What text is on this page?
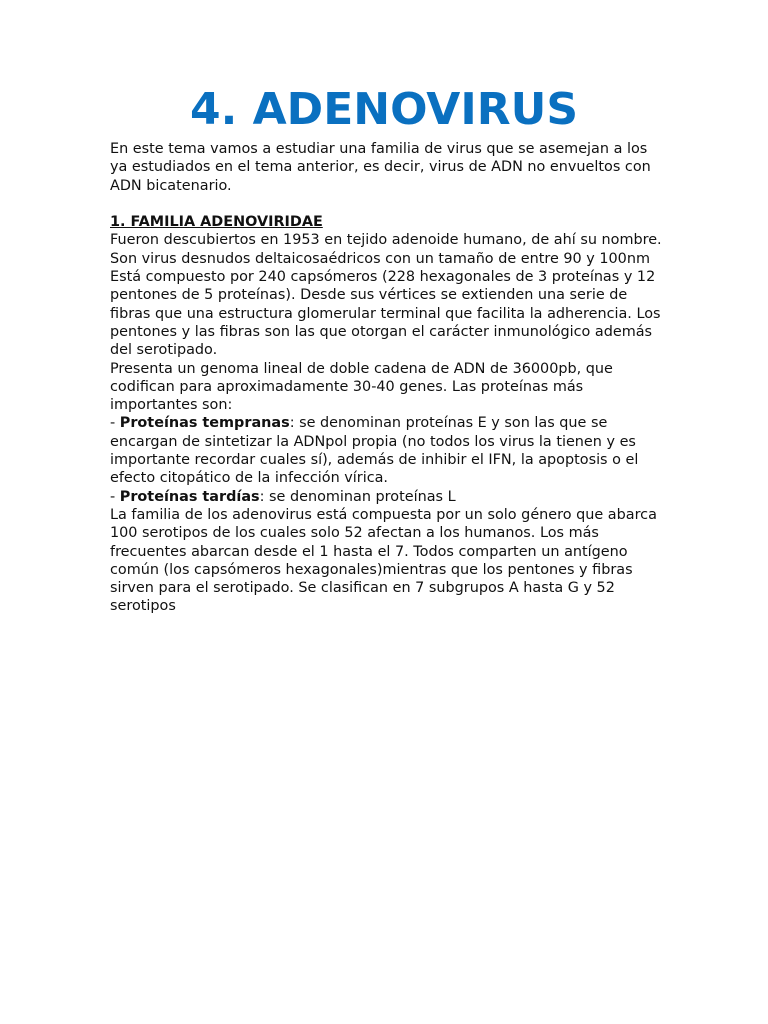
4. ADENOVIRUS

En este tema vamos a estudiar una familia de virus que se asemejan a los ya estudiados en el tema anterior, es decir, virus de ADN no envueltos con ADN bicatenario.

1. FAMILIA ADENOVIRIDAE

Fueron descubiertos en 1953 en tejido adenoide humano, de ahí su nombre.

Son virus desnudos deltaicosaédricos con un tamaño de entre 90 y 100nm

Está compuesto por 240 capsómeros (228 hexagonales de 3 proteínas y 12 pentones de 5 proteínas). Desde sus vértices se extienden una serie de fibras que una estructura glomerular terminal que facilita la adherencia. Los pentones y las fibras son las que otorgan el carácter inmunológico además del serotipado.

Presenta un genoma lineal de doble cadena de ADN de 36000pb, que codifican para aproximadamente 30-40 genes. Las proteínas más importantes son:

- Proteínas tempranas: se denominan proteínas E y son las que se encargan de sintetizar la ADNpol propia (no todos los virus la tienen y es importante recordar cuales sí), además de inhibir el IFN, la apoptosis o el efecto citopático de la infección vírica.

- Proteínas tardías: se denominan proteínas L

La familia de los adenovirus está compuesta por un solo género que abarca 100 serotipos de los cuales solo 52 afectan a los humanos. Los más frecuentes abarcan desde el 1 hasta el 7. Todos comparten un antígeno común (los capsómeros hexagonales)mientras que los pentones y fibras sirven para el serotipado. Se clasifican en 7 subgrupos A hasta G y 52 serotipos
